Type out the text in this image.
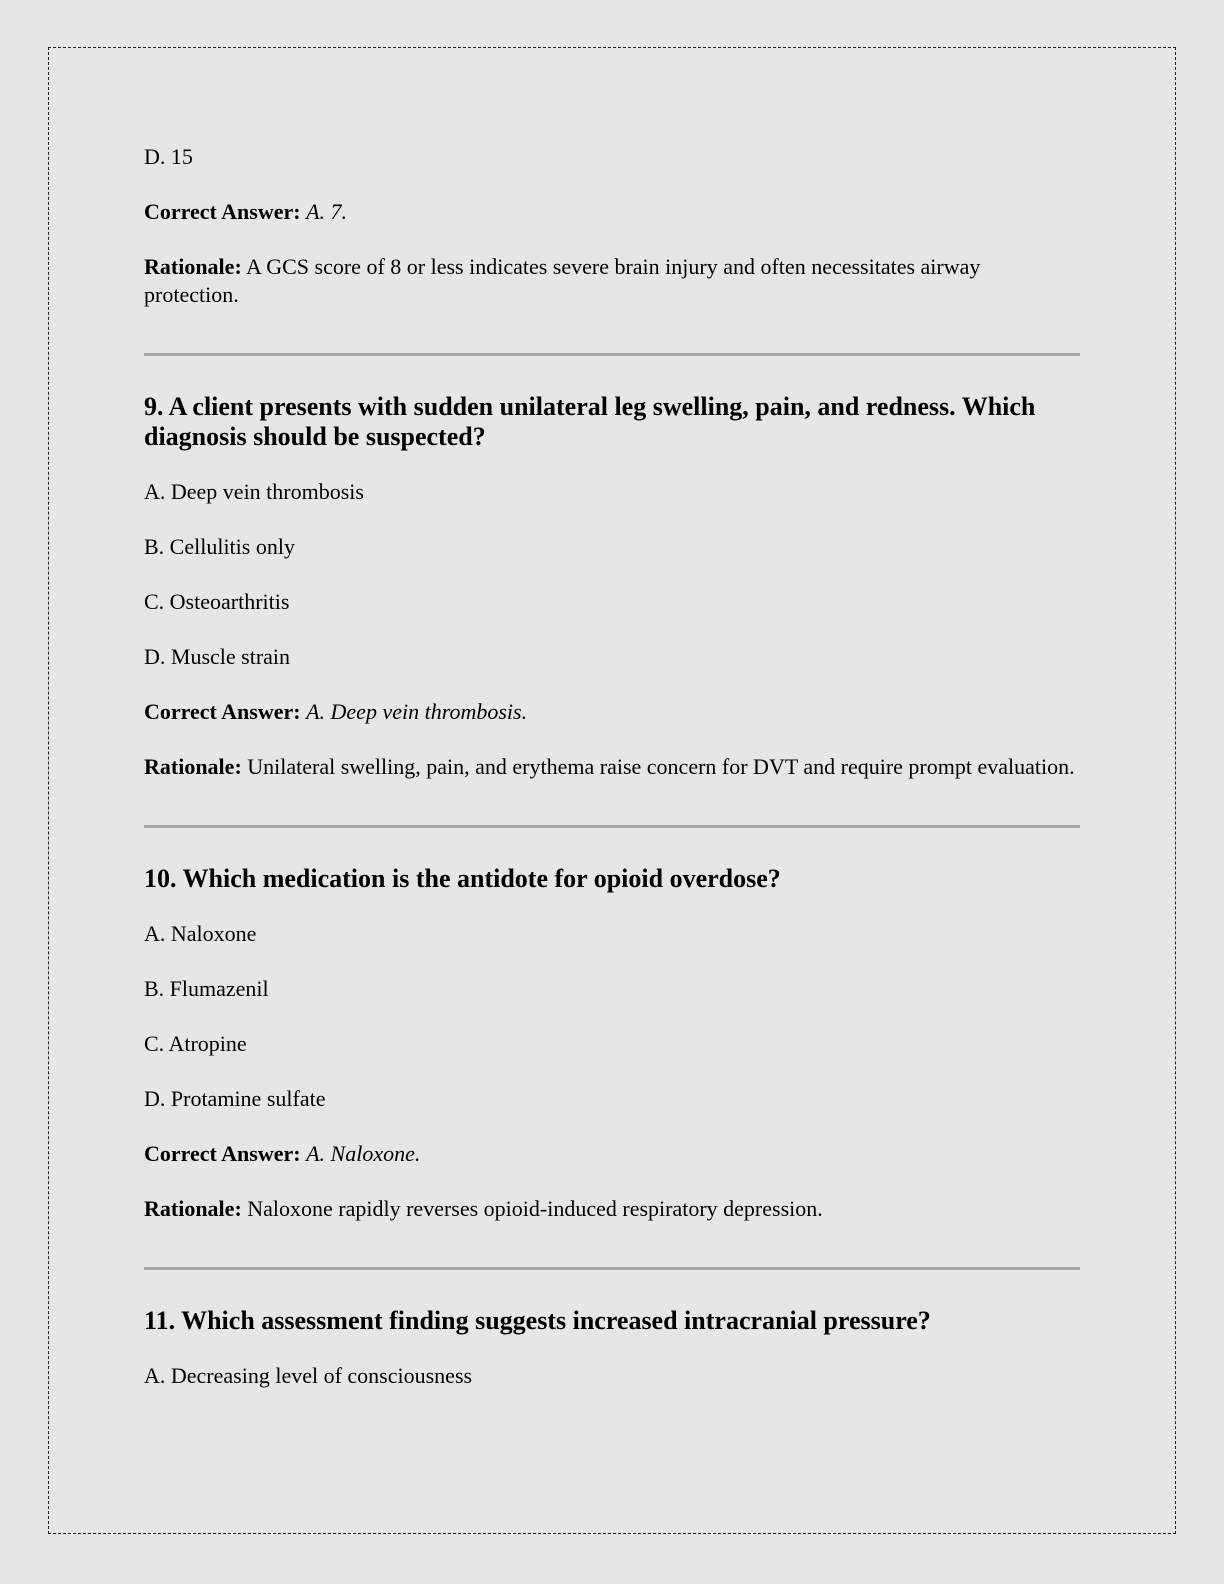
D. 15

Correct Answer: A. 7.

Rationale: A GCS score of 8 or less indicates severe brain injury and often necessitates airway protection.

9. A client presents with sudden unilateral leg swelling, pain, and redness. Which diagnosis should be suspected?

A. Deep vein thrombosis

B. Cellulitis only

C. Osteoarthritis

D. Muscle strain

Correct Answer: A. Deep vein thrombosis.

Rationale: Unilateral swelling, pain, and erythema raise concern for DVT and require prompt evaluation.

10. Which medication is the antidote for opioid overdose?

A. Naloxone

B. Flumazenil

C. Atropine

D. Protamine sulfate

Correct Answer: A. Naloxone.

Rationale: Naloxone rapidly reverses opioid-induced respiratory depression.

11. Which assessment finding suggests increased intracranial pressure?

A. Decreasing level of consciousness
